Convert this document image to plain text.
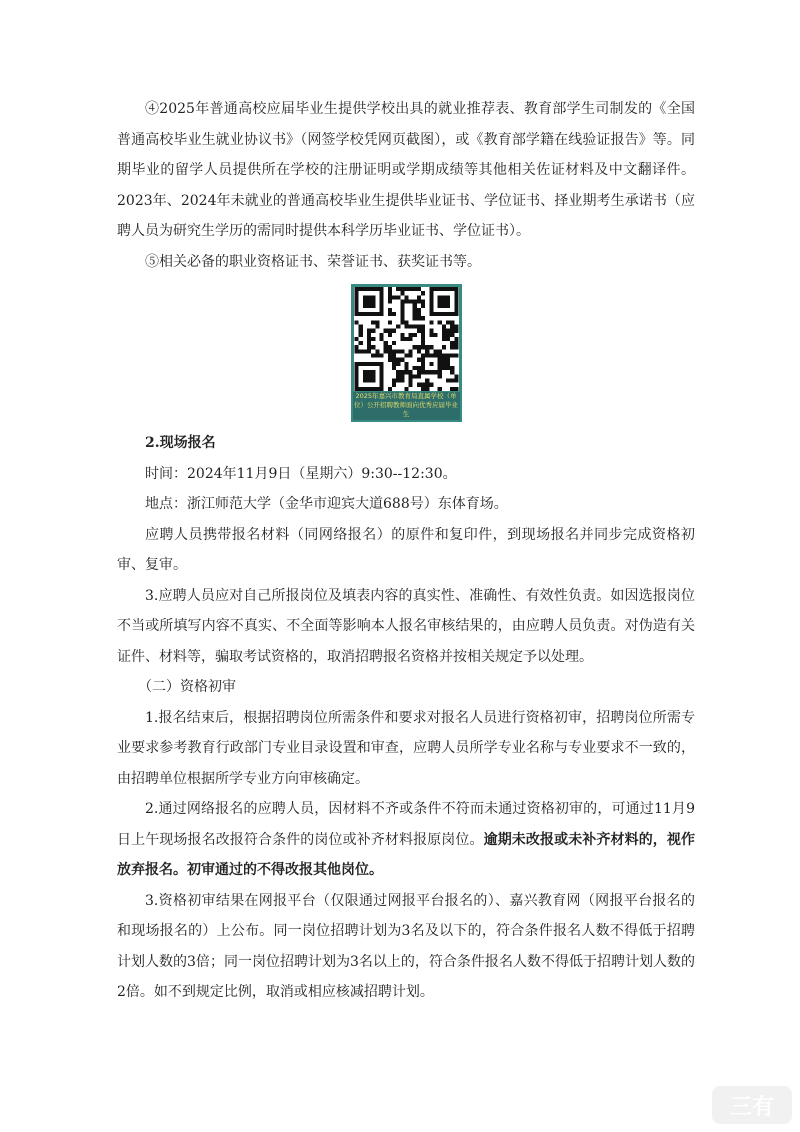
④2025年普通高校应届毕业生提供学校出具的就业推荐表、教育部学生司制发的《全国普通高校毕业生就业协议书》（网签学校凭网页截图），或《教育部学籍在线验证报告》等。同期毕业的留学人员提供所在学校的注册证明或学期成绩等其他相关佐证材料及中文翻译件。2023年、2024年未就业的普通高校毕业生提供毕业证书、学位证书、择业期考生承诺书（应聘人员为研究生学历的需同时提供本科学历毕业证书、学位证书）。

⑤相关必备的职业资格证书、荣誉证书、获奖证书等。

2025年嘉兴市教育局直属学校（单位）公开招聘教师面向优秀应届毕业生

2.现场报名

时间：2024年11月9日（星期六）9:30--12:30。

地点：浙江师范大学（金华市迎宾大道688号）东体育场。

应聘人员携带报名材料（同网络报名）的原件和复印件，到现场报名并同步完成资格初审、复审。

3.应聘人员应对自己所报岗位及填表内容的真实性、准确性、有效性负责。如因选报岗位不当或所填写内容不真实、不全面等影响本人报名审核结果的，由应聘人员负责。对伪造有关证件、材料等，骗取考试资格的，取消招聘报名资格并按相关规定予以处理。

（二）资格初审

1.报名结束后，根据招聘岗位所需条件和要求对报名人员进行资格初审，招聘岗位所需专业要求参考教育行政部门专业目录设置和审查，应聘人员所学专业名称与专业要求不一致的，由招聘单位根据所学专业方向审核确定。

2.通过网络报名的应聘人员，因材料不齐或条件不符而未通过资格初审的，可通过11月9日上午现场报名改报符合条件的岗位或补齐材料报原岗位。逾期未改报或未补齐材料的，视作放弃报名。初审通过的不得改报其他岗位。

3.资格初审结果在网报平台（仅限通过网报平台报名的）、嘉兴教育网（网报平台报名的和现场报名的）上公布。同一岗位招聘计划为3名及以下的，符合条件报名人数不得低于招聘计划人数的3倍；同一岗位招聘计划为3名以上的，符合条件报名人数不得低于招聘计划人数的2倍。如不到规定比例，取消或相应核减招聘计划。

三有
